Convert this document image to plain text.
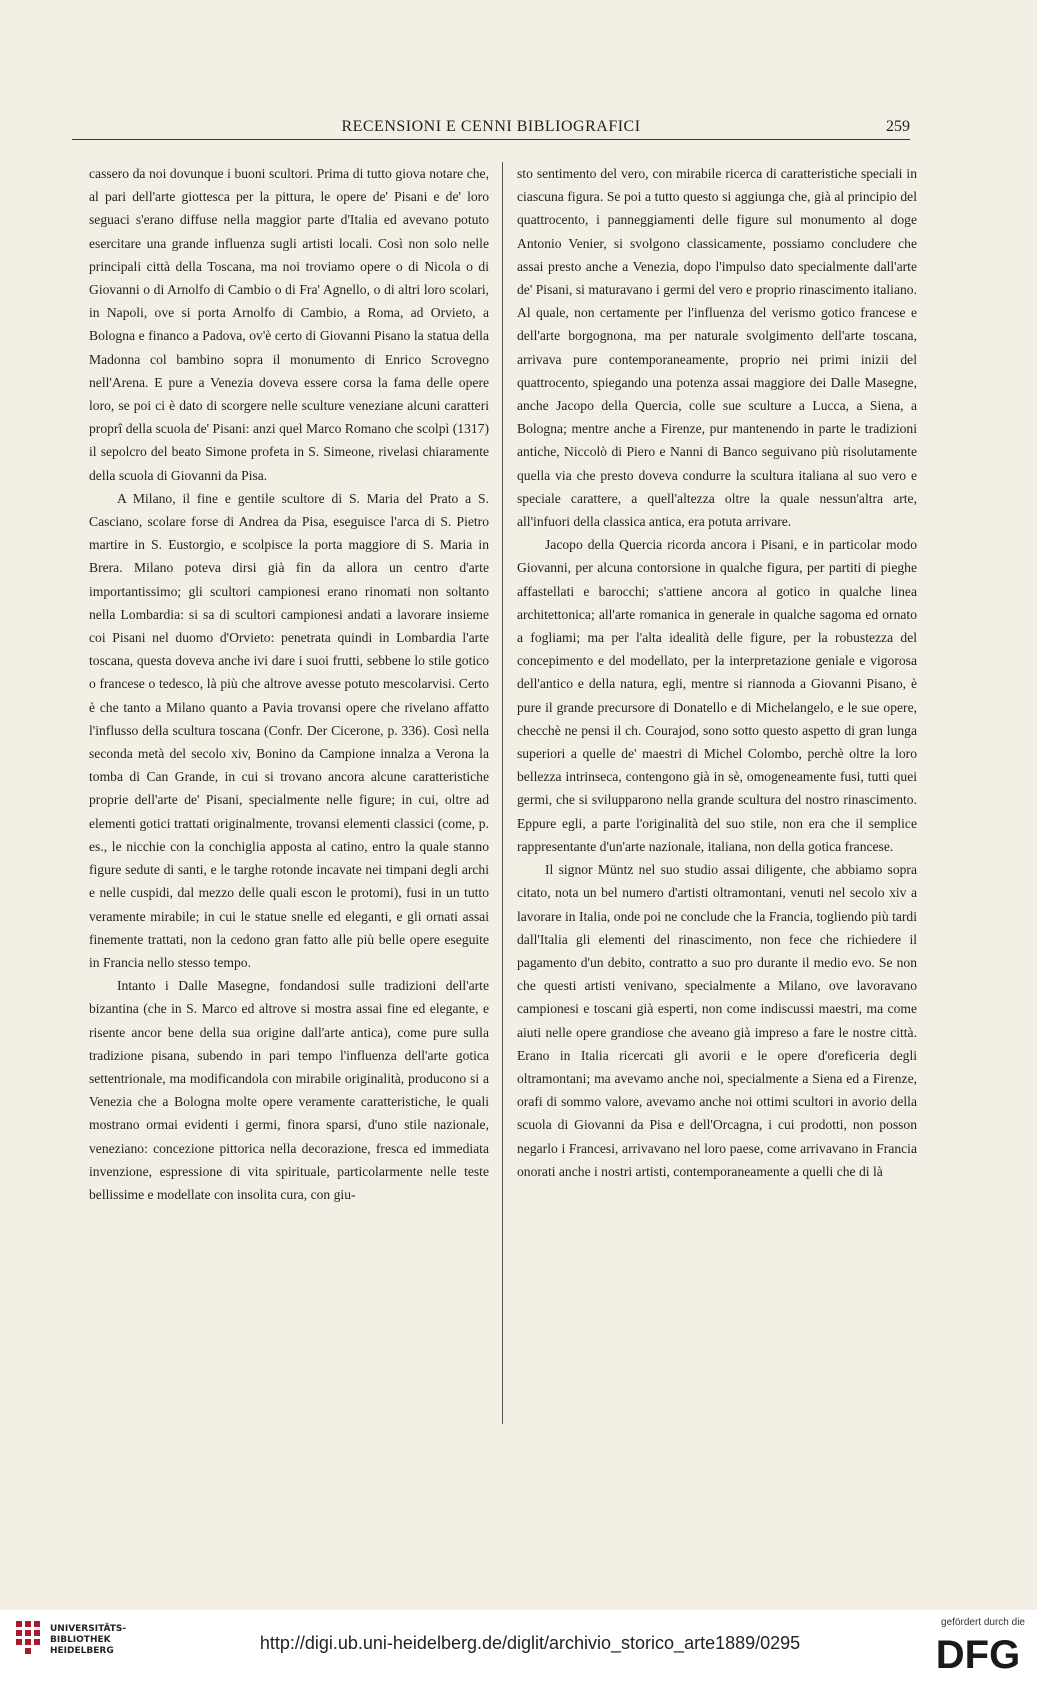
RECENSIONI E CENNI BIBLIOGRAFICI	259

cassero da noi dovunque i buoni scultori. Prima di tutto giova notare che, al pari dell'arte giottesca per la pittura, le opere de' Pisani e de' loro seguaci s'erano diffuse nella maggior parte d'Italia ed avevano potuto esercitare una grande influenza sugli artisti locali. Così non solo nelle principali città della Toscana, ma noi troviamo opere o di Nicola o di Giovanni o di Arnolfo di Cambio o di Fra' Agnello, o di altri loro scolari, in Napoli, ove si porta Arnolfo di Cambio, a Roma, ad Orvieto, a Bologna e financo a Padova, ov'è certo di Giovanni Pisano la statua della Madonna col bambino sopra il monumento di Enrico Scrovegno nell'Arena. E pure a Venezia doveva essere corsa la fama delle opere loro, se poi ci è dato di scorgere nelle sculture veneziane alcuni caratteri proprî della scuola de' Pisani: anzi quel Marco Romano che scolpì (1317) il sepolcro del beato Simone profeta in S. Simeone, rivelasi chiaramente della scuola di Giovanni da Pisa.

A Milano, il fine e gentile scultore di S. Maria del Prato a S. Casciano, scolare forse di Andrea da Pisa, eseguisce l'arca di S. Pietro martire in S. Eustorgio, e scolpisce la porta maggiore di S. Maria in Brera. Milano poteva dirsi già fin da allora un centro d'arte importantissimo; gli scultori campionesi erano rinomati non soltanto nella Lombardia: si sa di scultori campionesi andati a lavorare insieme coi Pisani nel duomo d'Orvieto: penetrata quindi in Lombardia l'arte toscana, questa doveva anche ivi dare i suoi frutti, sebbene lo stile gotico o francese o tedesco, là più che altrove avesse potuto mescolarvisi. Certo è che tanto a Milano quanto a Pavia trovansi opere che rivelano affatto l'influsso della scultura toscana (Confr. Der Cicerone, p. 336). Così nella seconda metà del secolo xiv, Bonino da Campione innalza a Verona la tomba di Can Grande, in cui si trovano ancora alcune caratteristiche proprie dell'arte de' Pisani, specialmente nelle figure; in cui, oltre ad elementi gotici trattati originalmente, trovansi elementi classici (come, p. es., le nicchie con la conchiglia apposta al catino, entro la quale stanno figure sedute di santi, e le targhe rotonde incavate nei timpani degli archi e nelle cuspidi, dal mezzo delle quali escon le protomi), fusi in un tutto veramente mirabile; in cui le statue snelle ed eleganti, e gli ornati assai finemente trattati, non la cedono gran fatto alle più belle opere eseguite in Francia nello stesso tempo.

Intanto i Dalle Masegne, fondandosi sulle tradizioni dell'arte bizantina (che in S. Marco ed altrove si mostra assai fine ed elegante, e risente ancor bene della sua origine dall'arte antica), come pure sulla tradizione pisana, subendo in pari tempo l'influenza dell'arte gotica settentrionale, ma modificandola con mirabile originalità, producono si a Venezia che a Bologna molte opere veramente caratteristiche, le quali mostrano ormai evidenti i germi, finora sparsi, d'uno stile nazionale, veneziano: concezione pittorica nella decorazione, fresca ed immediata invenzione, espressione di vita spirituale, particolarmente nelle teste bellissime e modellate con insolita cura, con giu-

sto sentimento del vero, con mirabile ricerca di caratteristiche speciali in ciascuna figura. Se poi a tutto questo si aggiunga che, già al principio del quattrocento, i panneggiamenti delle figure sul monumento al doge Antonio Venier, si svolgono classicamente, possiamo concludere che assai presto anche a Venezia, dopo l'impulso dato specialmente dall'arte de' Pisani, si maturavano i germi del vero e proprio rinascimento italiano. Al quale, non certamente per l'influenza del verismo gotico francese e dell'arte borgognona, ma per naturale svolgimento dell'arte toscana, arrivava pure contemporaneamente, proprio nei primi inizii del quattrocento, spiegando una potenza assai maggiore dei Dalle Masegne, anche Jacopo della Quercia, colle sue sculture a Lucca, a Siena, a Bologna; mentre anche a Firenze, pur mantenendo in parte le tradizioni antiche, Niccolò di Piero e Nanni di Banco seguivano più risolutamente quella via che presto doveva condurre la scultura italiana al suo vero e speciale carattere, a quell'altezza oltre la quale nessun'altra arte, all'infuori della classica antica, era potuta arrivare.

Jacopo della Quercia ricorda ancora i Pisani, e in particolar modo Giovanni, per alcuna contorsione in qualche figura, per partiti di pieghe affastellati e barocchi; s'attiene ancora al gotico in qualche linea architettonica; all'arte romanica in generale in qualche sagoma ed ornato a fogliami; ma per l'alta idealità delle figure, per la robustezza del concepimento e del modellato, per la interpretazione geniale e vigorosa dell'antico e della natura, egli, mentre si riannoda a Giovanni Pisano, è pure il grande precursore di Donatello e di Michelangelo, e le sue opere, checchè ne pensi il ch. Courajod, sono sotto questo aspetto di gran lunga superiori a quelle de' maestri di Michel Colombo, perchè oltre la loro bellezza intrinseca, contengono già in sè, omogeneamente fusi, tutti quei germi, che si svilupparono nella grande scultura del nostro rinascimento. Eppure egli, a parte l'originalità del suo stile, non era che il semplice rappresentante d'un'arte nazionale, italiana, non della gotica francese.

Il signor Müntz nel suo studio assai diligente, che abbiamo sopra citato, nota un bel numero d'artisti oltramontani, venuti nel secolo xiv a lavorare in Italia, onde poi ne conclude che la Francia, togliendo più tardi dall'Italia gli elementi del rinascimento, non fece che richiedere il pagamento d'un debito, contratto a suo pro durante il medio evo. Se non che questi artisti venivano, specialmente a Milano, ove lavoravano campionesi e toscani già esperti, non come indiscussi maestri, ma come aiuti nelle opere grandiose che aveano già impreso a fare le nostre città. Erano in Italia ricercati gli avorii e le opere d'oreficeria degli oltramontani; ma avevamo anche noi, specialmente a Siena ed a Firenze, orafi di sommo valore, avevamo anche noi ottimi scultori in avorio della scuola di Giovanni da Pisa e dell'Orcagna, i cui prodotti, non posson negarlo i Francesi, arrivavano nel loro paese, come arrivavano in Francia onorati anche i nostri artisti, contemporaneamente a quelli che di là

UNIVERSITÄTS-
BIBLIOTHEK
HEIDELBERG	http://digi.ub.uni-heidelberg.de/diglit/archivio_storico_arte1889/0295
gefördert durch die
DFG
